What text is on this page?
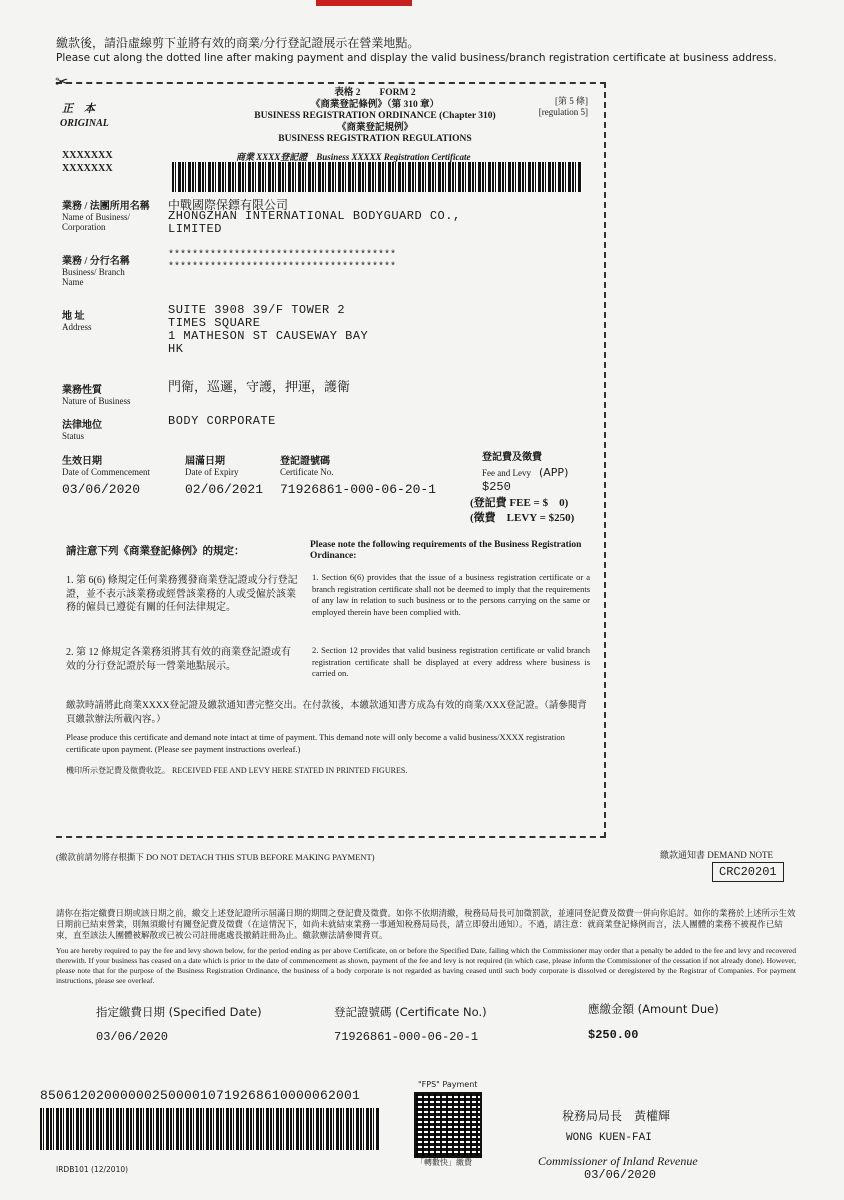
繳款後，請沿虛線剪下並將有效的商業/分行登記證展示在營業地點。
Please cut along the dotted line after making payment and display the valid business/branch registration certificate at business address.
✂
正　本
ORIGINAL
表格 2　　FORM 2
《商業登記條例》（第 310 章）
BUSINESS REGISTRATION ORDINANCE (Chapter 310)
《商業登記規例》
BUSINESS REGISTRATION REGULATIONS
[第 5 條]
[regulation 5]
XXXXXXX
XXXXXXX
商業 XXXX登記證　Business XXXXX Registration Certificate
業務 / 法團所用名稱
Name of Business/ Corporation
中戰國際保鏢有限公司
ZHONGZHAN INTERNATIONAL BODYGUARD CO.,
LIMITED
業務 / 分行名稱
Business/ Branch Name
**************************************
**************************************
地 址
Address
SUITE 3908 39/F TOWER 2
TIMES SQUARE
1 MATHESON ST CAUSEWAY BAY
HK
業務性質
Nature of Business
門衛，巡邏，守護，押運，護衛
法律地位
Status
BODY CORPORATE
生效日期
Date of Commencement
03/06/2020
屆滿日期
Date of Expiry
02/06/2021
登記證號碼
Certificate No.
71926861-000-06-20-1
登記費及徵費
Fee and Levy (APP)
$250
(登記費 FEE = $　0)
(徵費　LEVY = $250)
請注意下列《商業登記條例》的規定：
Please note the following requirements of the Business Registration Ordinance:
1. 第 6(6) 條規定任何業務獲發商業登記證或分行登記證，並不表示該業務或經營該業務的人或受僱於該業務的僱員已遵從有關的任何法律規定。
1. Section 6(6) provides that the issue of a business registration certificate or a branch registration certificate shall not be deemed to imply that the requirements of any law in relation to such business or to the persons carrying on the same or employed therein have been complied with.
2. 第 12 條規定各業務須將其有效的商業登記證或有效的分行登記證於每一營業地點展示。
2. Section 12 provides that valid business registration certificate or valid branch registration certificate shall be displayed at every address where business is carried on.
繳款時請將此商業XXXX登記證及繳款通知書完整交出。在付款後，本繳款通知書方成為有效的商業/XXX登記證。（請參閱背頁繳款辦法所載內容。）
Please produce this certificate and demand note intact at time of payment. This demand note will only become a valid business/XXXX registration certificate upon payment. (Please see payment instructions overleaf.)
機印所示登記費及徵費收訖。 RECEIVED FEE AND LEVY HERE STATED IN PRINTED FIGURES.
(繳款前請勿將存根撕下 DO NOT DETACH THIS STUB BEFORE MAKING PAYMENT)	繳款通知書 DEMAND NOTE
CRC20201
請你在指定繳費日期或該日期之前，繳交上述登記證所示屆滿日期的期間之登記費及徵費。如你不依期清繳，稅務局局長可加徵罰款，並連同登記費及徵費一併向你追討。如你的業務於上述所示生效日期前已結束營業，則無須繳付有關登記費及徵費（在這情況下，如尚未就結束業務一事通知稅務局局長，請立即發出通知）。不過，請注意：就商業登記條例而言，法人團體的業務不被視作已結束，直至該法人團體被解散或已被公司註冊處處長撤銷註冊為止。繳款辦法請參閱背頁。
You are hereby required to pay the fee and levy shown below, for the period ending as per above Certificate, on or before the Specified Date, failing which the Commissioner may order that a penalty be added to the fee and levy and recovered therewith. If your business has ceased on a date which is prior to the date of commencement as shown, payment of the fee and levy is not required (in which case, please inform the Commissioner of the cessation if not already done). However, please note that for the purpose of the Business Registration Ordinance, the business of a body corporate is not regarded as having ceased until such body corporate is dissolved or deregistered by the Registrar of Companies. For payment instructions, please see overleaf.
指定繳費日期 (Specified Date)
03/06/2020
登記證號碼 (Certificate No.)
71926861-000-06-20-1
應繳金額 (Amount Due)
$250.00
8506120200000025000010719268610000062001
"FPS" Payment
「轉數快」繳費
稅務局局長　黃權輝
WONG KUEN-FAI
Commissioner of Inland Revenue
03/06/2020
IRDB101 (12/2010)
